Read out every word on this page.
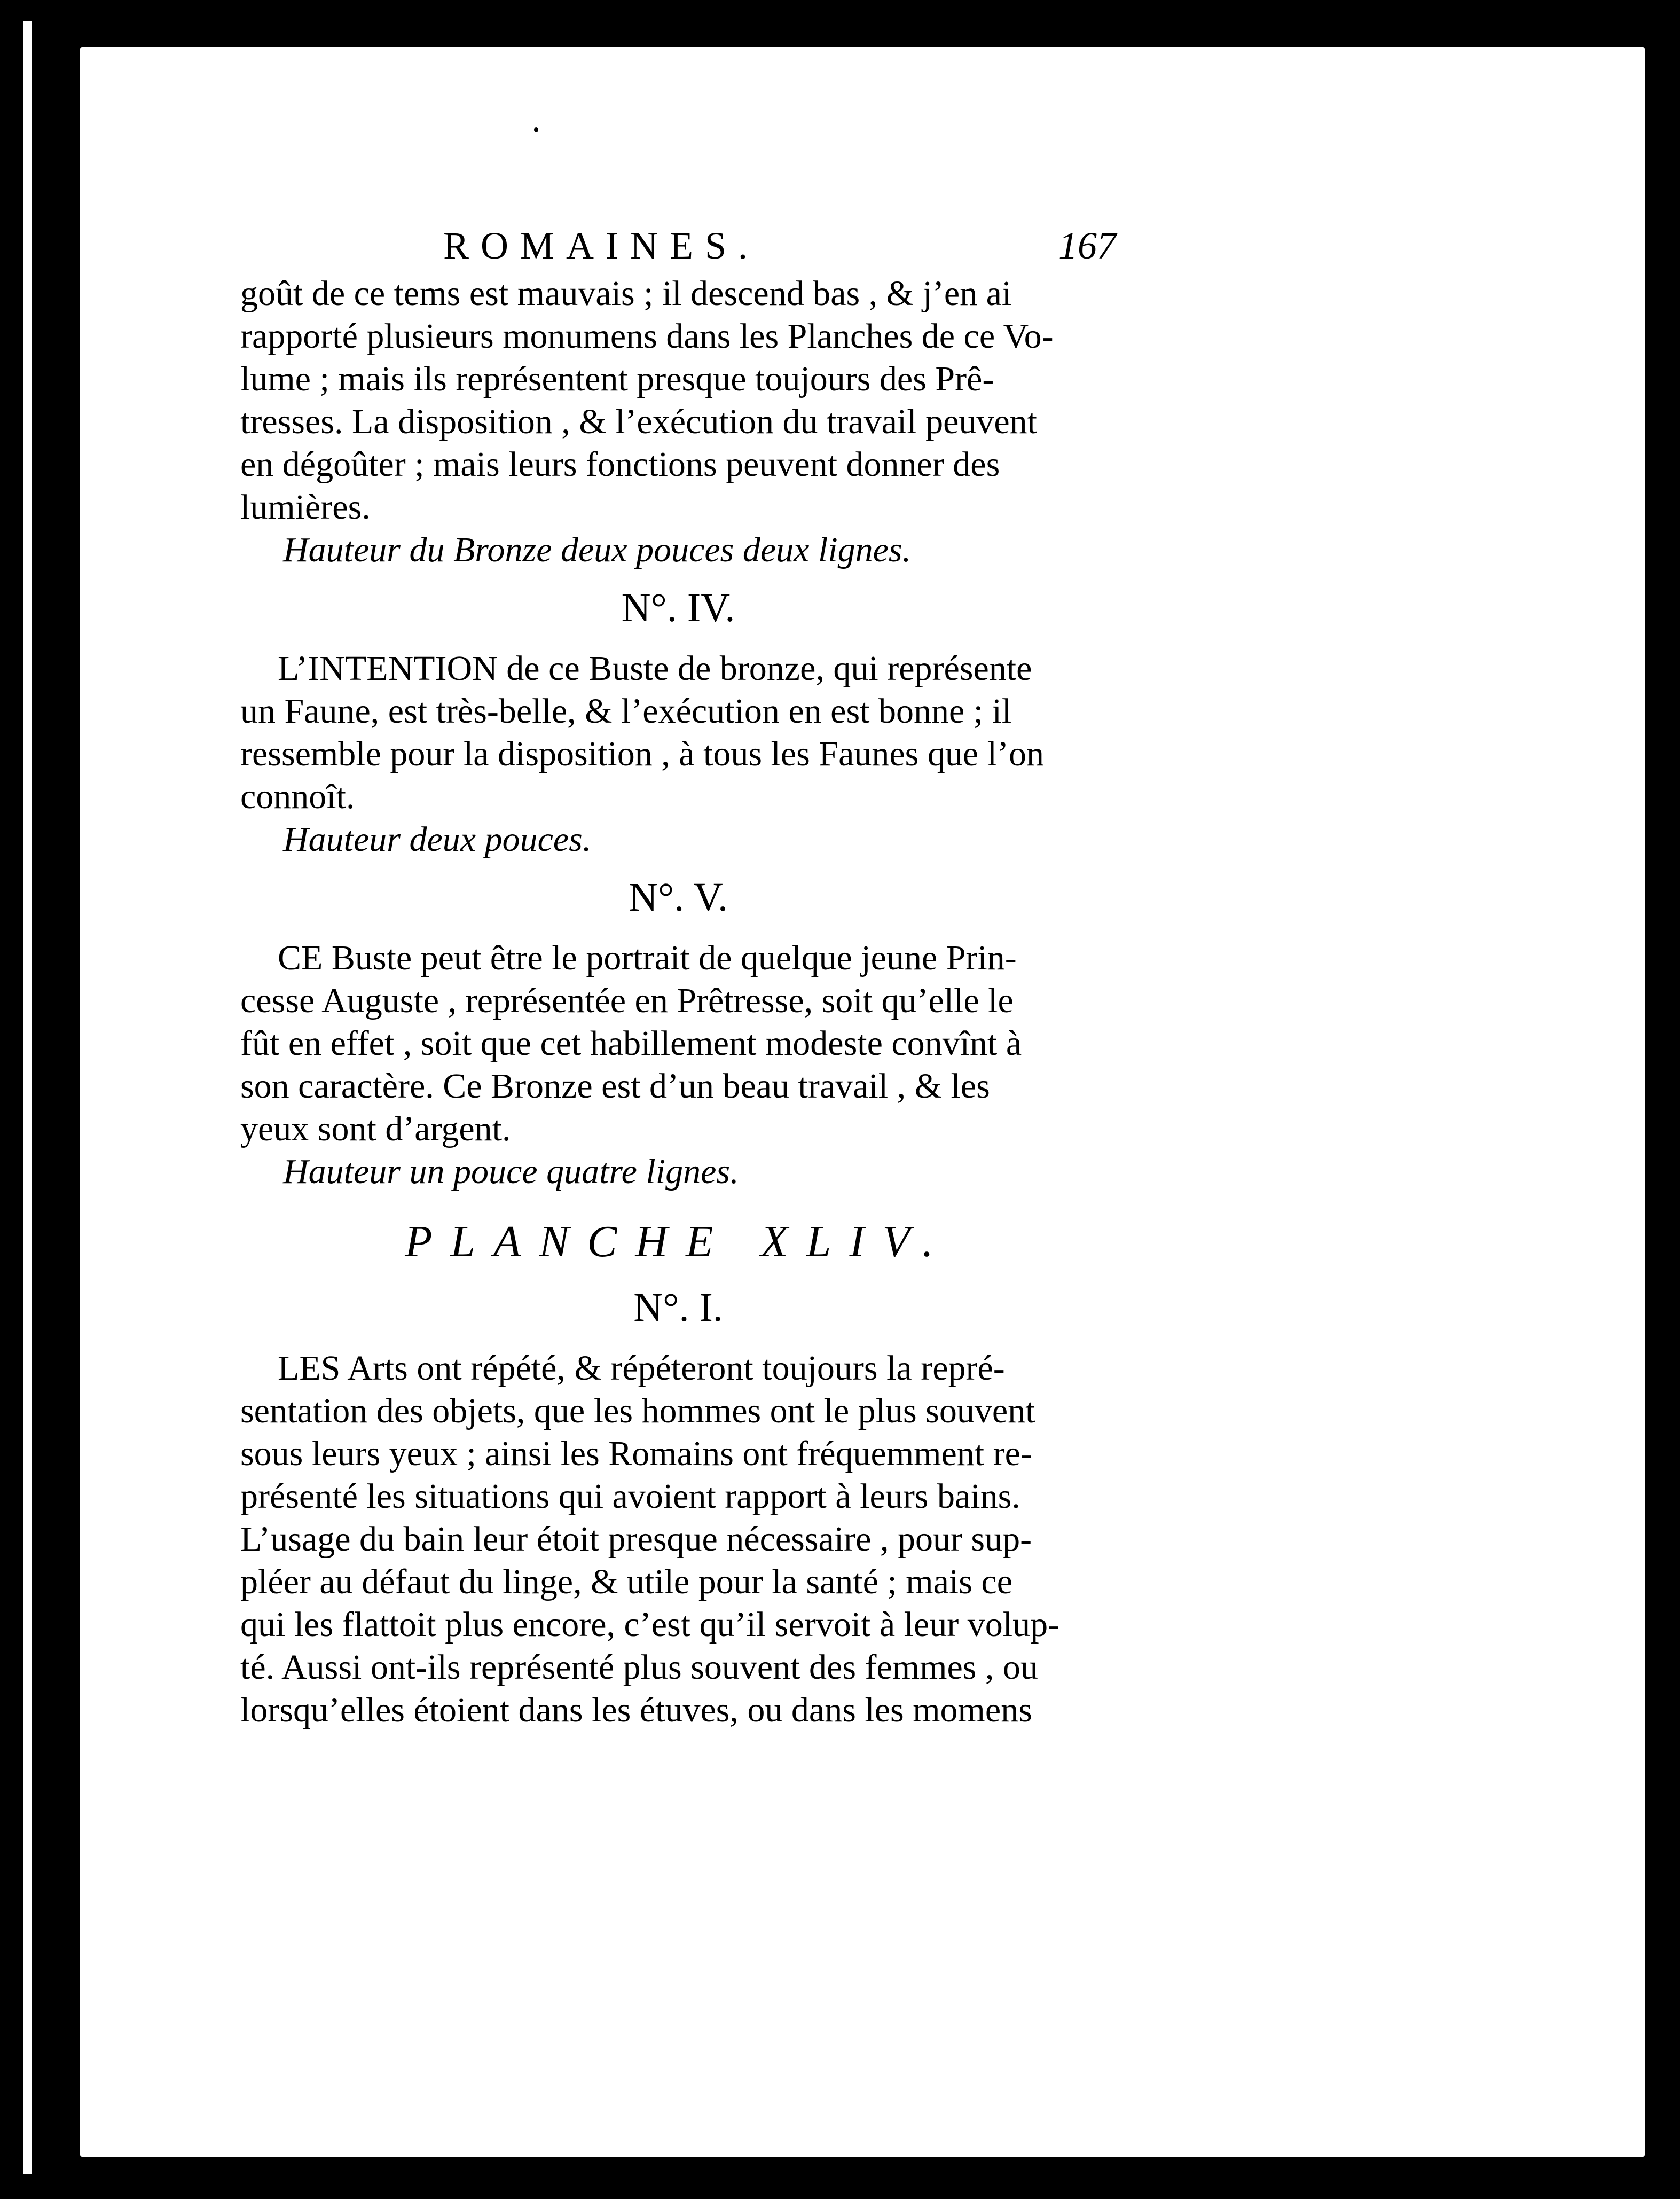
ROMAINES.	167

goût de ce tems est mauvais ; il descend bas , & j’en ai
rapporté plusieurs monumens dans les Planches de ce Vo-
lume ; mais ils représentent presque toujours des Prê-
tresses. La disposition , & l’exécution du travail peuvent
en dégoûter ; mais leurs fonctions peuvent donner des
lumières.

Hauteur du Bronze deux pouces deux lignes.

N°. IV.

L’INTENTION de ce Buste de bronze, qui représente
un Faune, est très-belle, & l’exécution en est bonne ; il
ressemble pour la disposition , à tous les Faunes que l’on
connoît.

Hauteur deux pouces.

N°. V.

CE Buste peut être le portrait de quelque jeune Prin-
cesse Auguste , représentée en Prêtresse, soit qu’elle le
fût en effet , soit que cet habillement modeste convînt à
son caractère. Ce Bronze est d’un beau travail , & les
yeux sont d’argent.

Hauteur un pouce quatre lignes.

PLANCHE XLIV.
N°. I.

LES Arts ont répété, & répéteront toujours la repré-
sentation des objets, que les hommes ont le plus souvent
sous leurs yeux ; ainsi les Romains ont fréquemment re-
présenté les situations qui avoient rapport à leurs bains.
L’usage du bain leur étoit presque nécessaire , pour sup-
pléer au défaut du linge, & utile pour la santé ; mais ce
qui les flattoit plus encore, c’est qu’il servoit à leur volup-
té. Aussi ont-ils représenté plus souvent des femmes , ou
lorsqu’elles étoient dans les étuves, ou dans les momens
